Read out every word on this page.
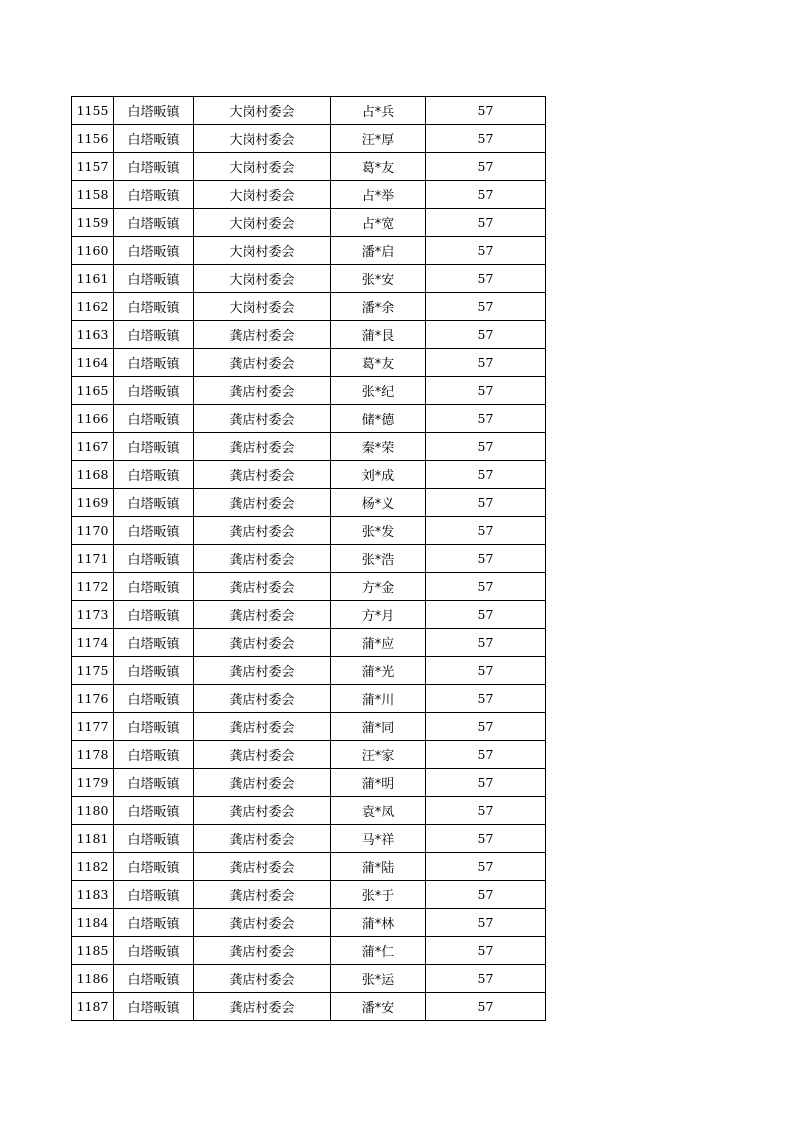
1155	白塔畈镇	大岗村委会	占*兵	57
1156	白塔畈镇	大岗村委会	汪*厚	57
1157	白塔畈镇	大岗村委会	葛*友	57
1158	白塔畈镇	大岗村委会	占*举	57
1159	白塔畈镇	大岗村委会	占*宽	57
1160	白塔畈镇	大岗村委会	潘*启	57
1161	白塔畈镇	大岗村委会	张*安	57
1162	白塔畈镇	大岗村委会	潘*余	57
1163	白塔畈镇	龚店村委会	蒲*艮	57
1164	白塔畈镇	龚店村委会	葛*友	57
1165	白塔畈镇	龚店村委会	张*纪	57
1166	白塔畈镇	龚店村委会	储*德	57
1167	白塔畈镇	龚店村委会	秦*荣	57
1168	白塔畈镇	龚店村委会	刘*成	57
1169	白塔畈镇	龚店村委会	杨*义	57
1170	白塔畈镇	龚店村委会	张*发	57
1171	白塔畈镇	龚店村委会	张*浩	57
1172	白塔畈镇	龚店村委会	方*金	57
1173	白塔畈镇	龚店村委会	方*月	57
1174	白塔畈镇	龚店村委会	蒲*应	57
1175	白塔畈镇	龚店村委会	蒲*光	57
1176	白塔畈镇	龚店村委会	蒲*川	57
1177	白塔畈镇	龚店村委会	蒲*同	57
1178	白塔畈镇	龚店村委会	汪*家	57
1179	白塔畈镇	龚店村委会	蒲*明	57
1180	白塔畈镇	龚店村委会	袁*凤	57
1181	白塔畈镇	龚店村委会	马*祥	57
1182	白塔畈镇	龚店村委会	蒲*陆	57
1183	白塔畈镇	龚店村委会	张*于	57
1184	白塔畈镇	龚店村委会	蒲*林	57
1185	白塔畈镇	龚店村委会	蒲*仁	57
1186	白塔畈镇	龚店村委会	张*运	57
1187	白塔畈镇	龚店村委会	潘*安	57
